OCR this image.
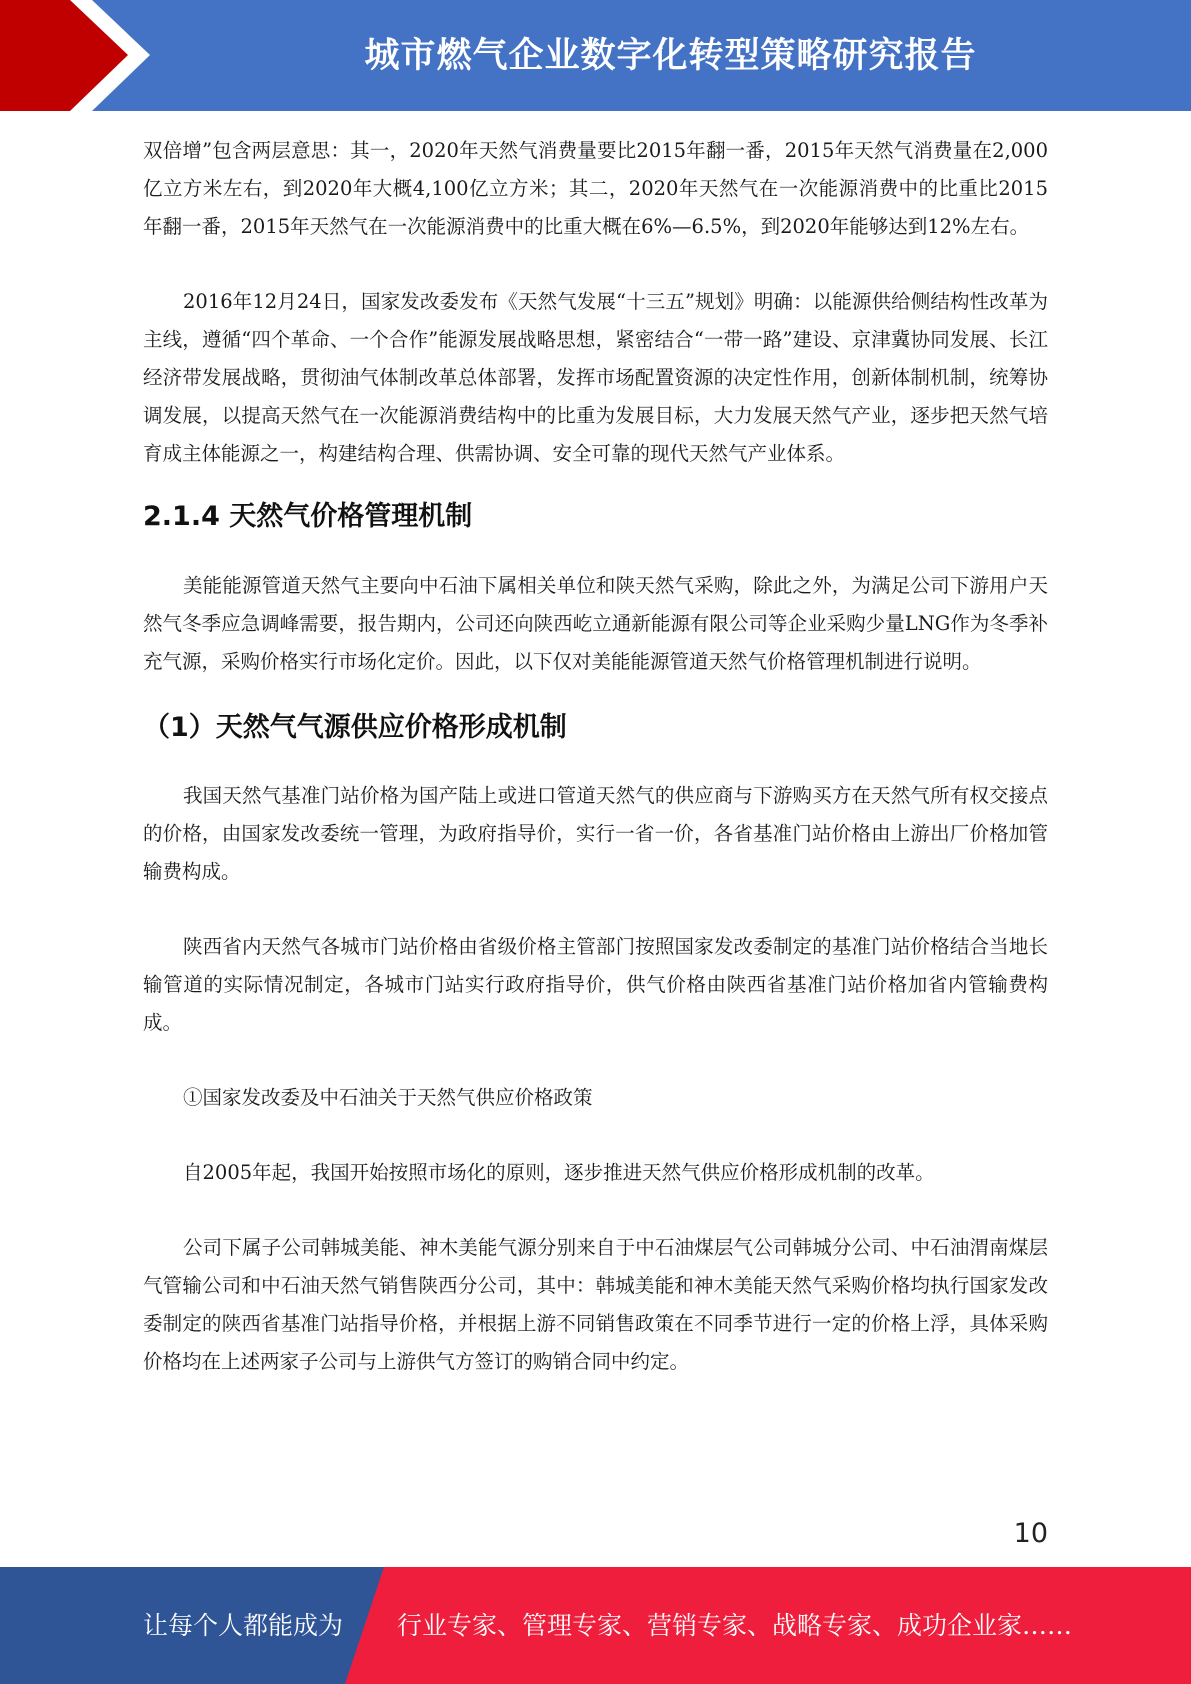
城市燃气企业数字化转型策略研究报告

双倍增”包含两层意思：其一，2020年天然气消费量要比2015年翻一番，2015年天然气消费量在2,000亿立方米左右，到2020年大概4,100亿立方米；其二，2020年天然气在一次能源消费中的比重比2015年翻一番，2015年天然气在一次能源消费中的比重大概在6%—6.5%，到2020年能够达到12%左右。

2016年12月24日，国家发改委发布《天然气发展“十三五”规划》明确：以能源供给侧结构性改革为主线，遵循“四个革命、一个合作”能源发展战略思想，紧密结合“一带一路”建设、京津冀协同发展、长江经济带发展战略，贯彻油气体制改革总体部署，发挥市场配置资源的决定性作用，创新体制机制，统筹协调发展，以提高天然气在一次能源消费结构中的比重为发展目标，大力发展天然气产业，逐步把天然气培育成主体能源之一，构建结构合理、供需协调、安全可靠的现代天然气产业体系。

2.1.4 天然气价格管理机制

美能能源管道天然气主要向中石油下属相关单位和陕天然气采购，除此之外，为满足公司下游用户天然气冬季应急调峰需要，报告期内，公司还向陕西屹立通新能源有限公司等企业采购少量LNG作为冬季补充气源，采购价格实行市场化定价。因此，以下仅对美能能源管道天然气价格管理机制进行说明。

（1）天然气气源供应价格形成机制

我国天然气基准门站价格为国产陆上或进口管道天然气的供应商与下游购买方在天然气所有权交接点的价格，由国家发改委统一管理，为政府指导价，实行一省一价，各省基准门站价格由上游出厂价格加管输费构成。

陕西省内天然气各城市门站价格由省级价格主管部门按照国家发改委制定的基准门站价格结合当地长输管道的实际情况制定，各城市门站实行政府指导价，供气价格由陕西省基准门站价格加省内管输费构成。

①国家发改委及中石油关于天然气供应价格政策

自2005年起，我国开始按照市场化的原则，逐步推进天然气供应价格形成机制的改革。

公司下属子公司韩城美能、神木美能气源分别来自于中石油煤层气公司韩城分公司、中石油渭南煤层气管输公司和中石油天然气销售陕西分公司，其中：韩城美能和神木美能天然气采购价格均执行国家发改委制定的陕西省基准门站指导价格，并根据上游不同销售政策在不同季节进行一定的价格上浮，具体采购价格均在上述两家子公司与上游供气方签订的购销合同中约定。

10
让每个人都能成为 行业专家、管理专家、营销专家、战略专家、成功企业家……
